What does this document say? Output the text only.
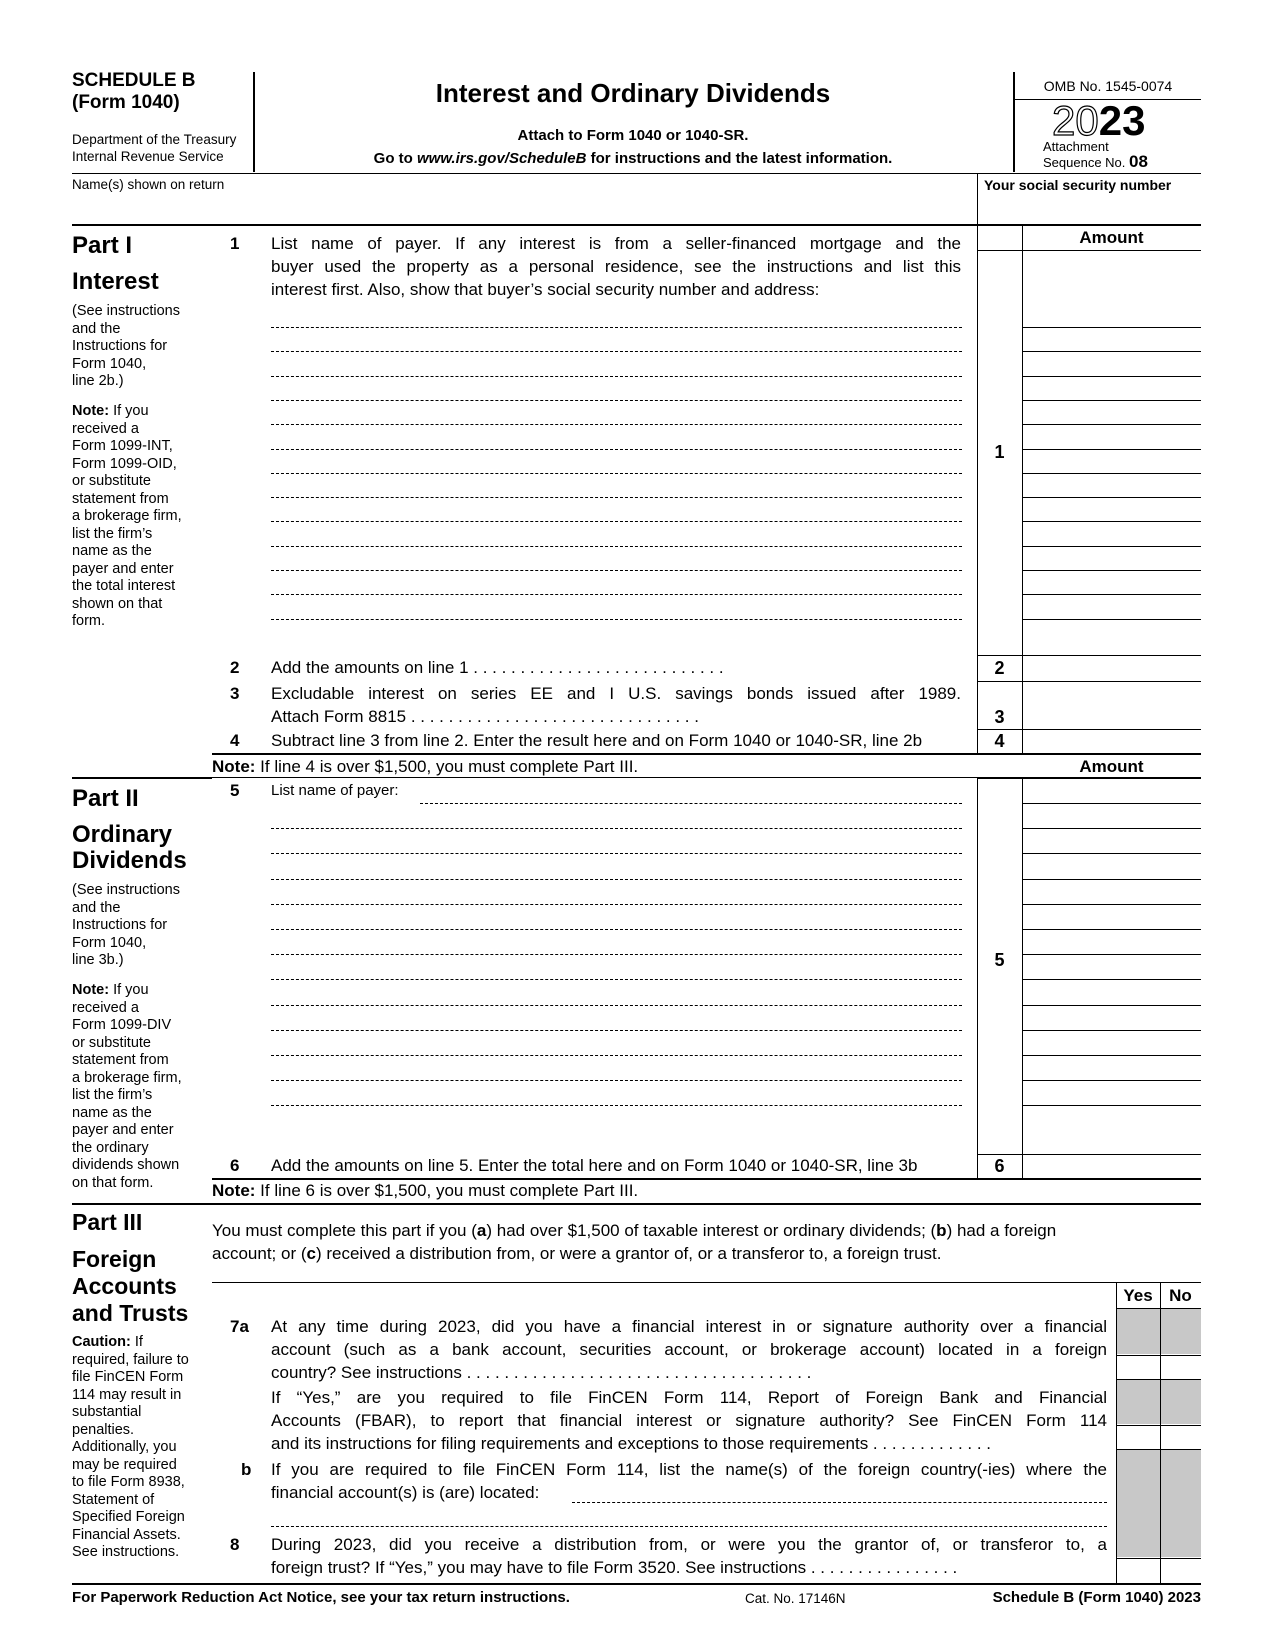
SCHEDULE B
(Form 1040)
Department of the Treasury
Internal Revenue Service
Interest and Ordinary Dividends
Attach to Form 1040 or 1040-SR.
Go to www.irs.gov/ScheduleB for instructions and the latest information.
OMB No. 1545-0074
2023
Attachment
Sequence No. 08
Name(s) shown on return	Your social security number
Part I
Interest
(See instructions
and the
Instructions for
Form 1040,
line 2b.)
Note: If you
received a
Form 1099-INT,
Form 1099-OID,
or substitute
statement from
a brokerage firm,
list the firm’s
name as the
payer and enter
the total interest
shown on that
form.
1 List name of payer. If any interest is from a seller-financed mortgage and the
buyer used the property as a personal residence, see the instructions and list this
interest first. Also, show that buyer’s social security number and address:
Amount
1
2 Add the amounts on line 1 . . . . . . . . . . . . . . . . . . . . . . . . . . .	2
3 Excludable interest on series EE and I U.S. savings bonds issued after 1989.
Attach Form 8815 . . . . . . . . . . . . . . . . . . . . . . . . . . . . . . .	3
4 Subtract line 3 from line 2. Enter the result here and on Form 1040 or 1040-SR, line 2b	4
Note: If line 4 is over $1,500, you must complete Part III.	Amount
Part II
Ordinary
Dividends
(See instructions
and the
Instructions for
Form 1040,
line 3b.)
Note: If you
received a
Form 1099-DIV
or substitute
statement from
a brokerage firm,
list the firm’s
name as the
payer and enter
the ordinary
dividends shown
on that form.
5 List name of payer:
5
6 Add the amounts on line 5. Enter the total here and on Form 1040 or 1040-SR, line 3b	6
Note: If line 6 is over $1,500, you must complete Part III.
Part III
Foreign
Accounts
and Trusts
Caution: If
required, failure to
file FinCEN Form
114 may result in
substantial
penalties.
Additionally, you
may be required
to file Form 8938,
Statement of
Specified Foreign
Financial Assets.
See instructions.
You must complete this part if you (a) had over $1,500 of taxable interest or ordinary dividends; (b) had a foreign
account; or (c) received a distribution from, or were a grantor of, or a transferor to, a foreign trust.
Yes No
7a At any time during 2023, did you have a financial interest in or signature authority over a financial
account (such as a bank account, securities account, or brokerage account) located in a foreign
country? See instructions . . . . . . . . . . . . . . . . . . . . . . . . . . . . . . . . . . . . .
If “Yes,” are you required to file FinCEN Form 114, Report of Foreign Bank and Financial
Accounts (FBAR), to report that financial interest or signature authority? See FinCEN Form 114
and its instructions for filing requirements and exceptions to those requirements . . . . . . . . . . . . .
b If you are required to file FinCEN Form 114, list the name(s) of the foreign country(-ies) where the
financial account(s) is (are) located:
8 During 2023, did you receive a distribution from, or were you the grantor of, or transferor to, a
foreign trust? If “Yes,” you may have to file Form 3520. See instructions . . . . . . . . . . . . . . . .
For Paperwork Reduction Act Notice, see your tax return instructions.	Cat. No. 17146N	Schedule B (Form 1040) 2023
